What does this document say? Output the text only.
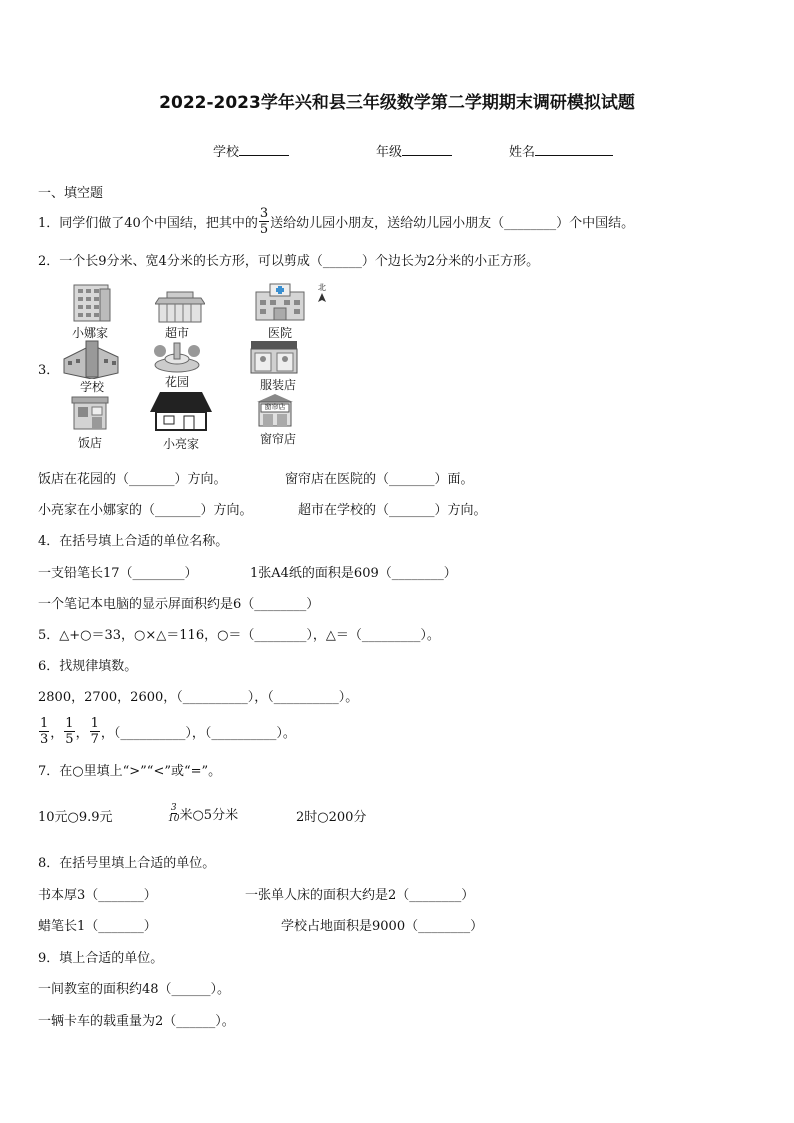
2022-2023学年兴和县三年级数学第二学期期末调研模拟试题
学校	年级	姓名
一、填空题
1．同学们做了40个中国结，把其中的 $\frac{3}{5}$ 送给幼儿园小朋友，送给幼儿园小朋友（________）个中国结。
2．一个长9分米、宽4分米的长方形，可以剪成（______）个边长为2分米的小正方形。
3．
北
小娜家	超市	医院
学校	花园	服装店
饭店	小亮家
窗帘店
窗帘店
饭店在花园的（_______）方向。	窗帘店在医院的（_______）面。
小亮家在小娜家的（_______）方向。	超市在学校的（_______）方向。
4．在括号填上合适的单位名称。
一支铅笔长17（________）	1张A4纸的面积是609（________）
一个笔记本电脑的显示屏面积约是6（________）
5．△+○＝33，○×△＝116，○＝（________），△＝（_________）。
6．找规律填数。
2800，2700，2600，（__________），（__________）。
$\frac{1}{3}$ ， $\frac{1}{5}$ ， $\frac{1}{7}$ ，（__________），（__________）。
7．在○里填上“>”“<”或“=”。
10元○9.9元	$\frac{3}{10}$ 米○5分米	2时○200分
8．在括号里填上合适的单位。
书本厚3（_______）	一张单人床的面积大约是2（________）
蜡笔长1（_______）	学校占地面积是9000（________）
9．填上合适的单位。
一间教室的面积约48（______）。
一辆卡车的载重量为2（______）。
